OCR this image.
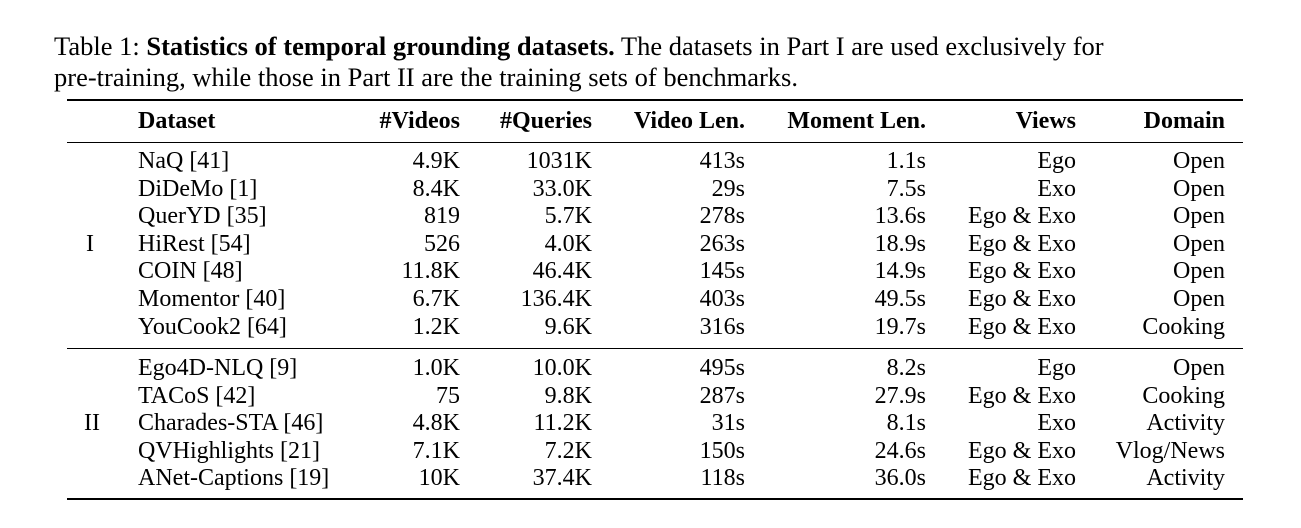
Table 1: Statistics of temporal grounding datasets. The datasets in Part I are used exclusively for
pre-training, while those in Part II are the training sets of benchmarks.
Dataset	#Videos	#Queries	Video Len.	Moment Len.	Views	Domain
NaQ [41]	4.9K	1031K	413s	1.1s	Ego	Open
DiDeMo [1]	8.4K	33.0K	29s	7.5s	Exo	Open
QuerYD [35]	819	5.7K	278s	13.6s	Ego & Exo	Open
HiRest [54]	526	4.0K	263s	18.9s	Ego & Exo	Open
COIN [48]	11.8K	46.4K	145s	14.9s	Ego & Exo	Open
Momentor [40]	6.7K	136.4K	403s	49.5s	Ego & Exo	Open
YouCook2 [64]	1.2K	9.6K	316s	19.7s	Ego & Exo	Cooking
I
Ego4D-NLQ [9]	1.0K	10.0K	495s	8.2s	Ego	Open
TACoS [42]	75	9.8K	287s	27.9s	Ego & Exo	Cooking
Charades-STA [46]	4.8K	11.2K	31s	8.1s	Exo	Activity
QVHighlights [21]	7.1K	7.2K	150s	24.6s	Ego & Exo	Vlog/News
ANet-Captions [19]	10K	37.4K	118s	36.0s	Ego & Exo	Activity
II
